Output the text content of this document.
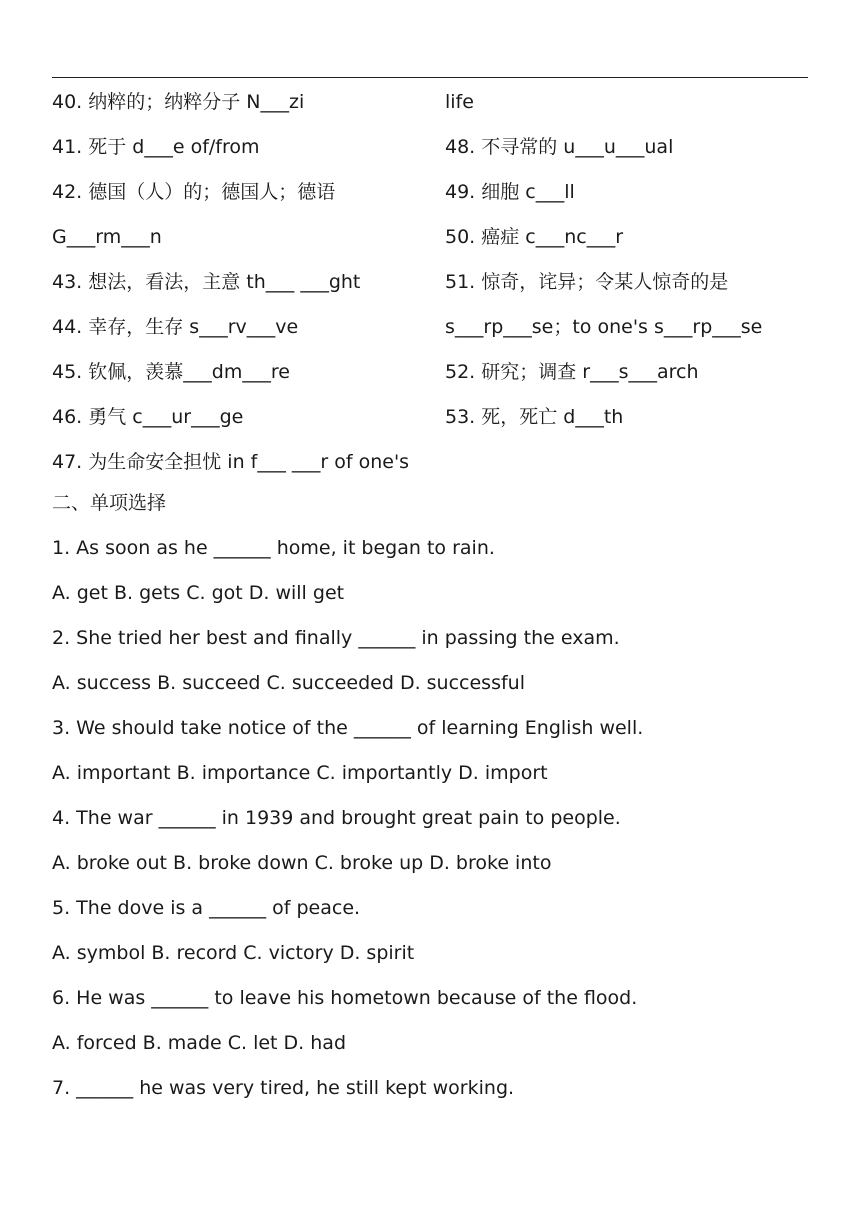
40. 纳粹的；纳粹分子 N___zi
41. 死于 d___e of/from
42. 德国（人）的；德国人；德语
G___rm___n
43. 想法，看法，主意 th___ ___ght
44. 幸存，生存 s___rv___ve
45. 钦佩，羡慕___dm___re
46. 勇气 c___ur___ge
47. 为生命安全担忧 in f___ ___r of one's
life
48. 不寻常的 u___u___ual
49. 细胞 c___ll
50. 癌症 c___nc___r
51. 惊奇，诧异；令某人惊奇的是
s___rp___se；to one's s___rp___se
52. 研究；调查 r___s___arch
53. 死，死亡 d___th
二、单项选择
1. As soon as he ______ home, it began to rain.
A. get B. gets C. got D. will get
2. She tried her best and finally ______ in passing the exam.
A. success B. succeed C. succeeded D. successful
3. We should take notice of the ______ of learning English well.
A. important B. importance C. importantly D. import
4. The war ______ in 1939 and brought great pain to people.
A. broke out B. broke down C. broke up D. broke into
5. The dove is a ______ of peace.
A. symbol B. record C. victory D. spirit
6. He was ______ to leave his hometown because of the flood.
A. forced B. made C. let D. had
7. ______ he was very tired, he still kept working.
